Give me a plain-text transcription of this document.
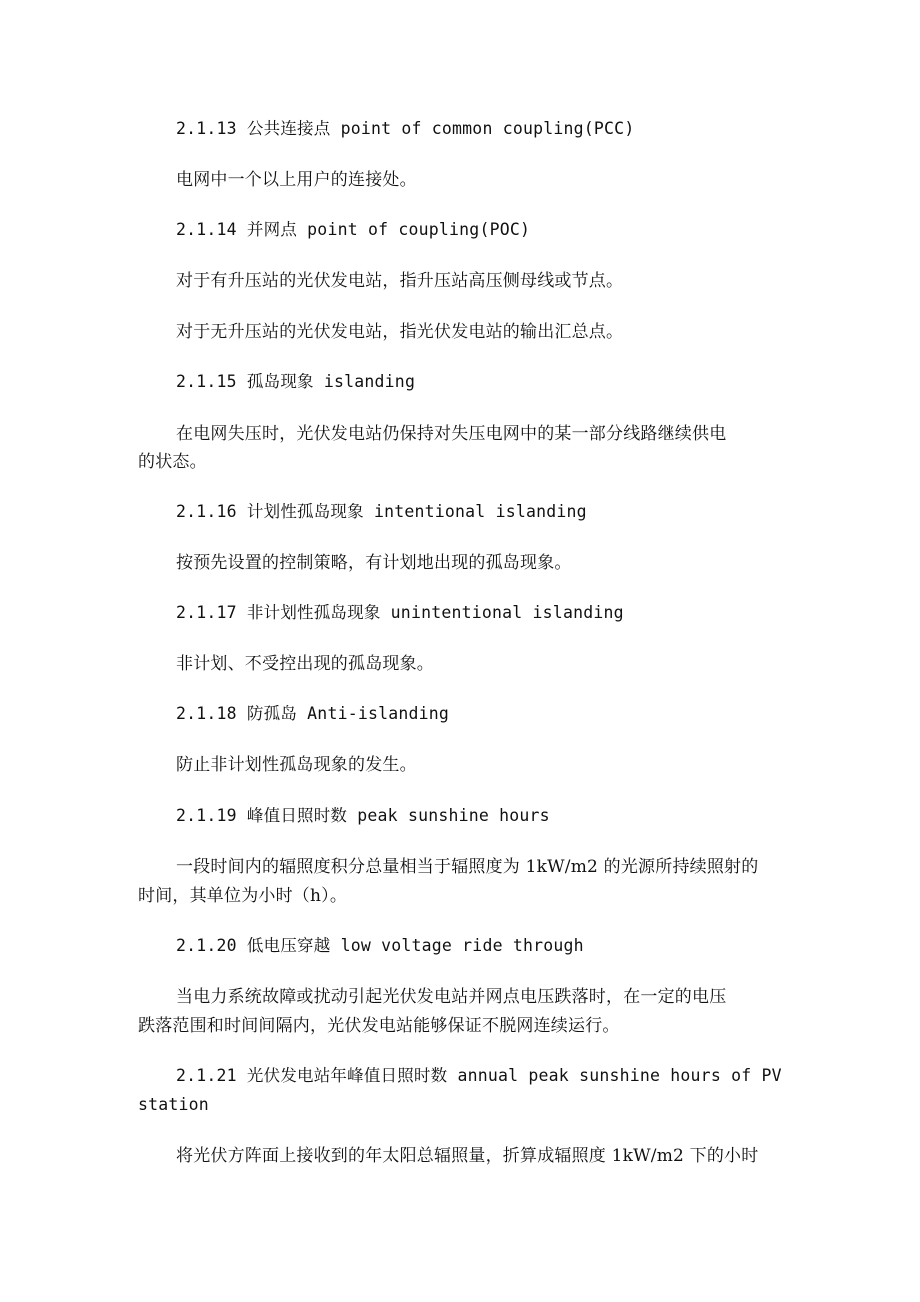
2.1.13 公共连接点 point of common coupling(PCC)
电网中一个以上用户的连接处。
2.1.14 并网点 point of coupling(POC)
对于有升压站的光伏发电站，指升压站高压侧母线或节点。
对于无升压站的光伏发电站，指光伏发电站的输出汇总点。
2.1.15 孤岛现象 islanding
在电网失压时，光伏发电站仍保持对失压电网中的某一部分线路继续供电
的状态。
2.1.16 计划性孤岛现象 intentional islanding
按预先设置的控制策略，有计划地出现的孤岛现象。
2.1.17 非计划性孤岛现象 unintentional islanding
非计划、不受控出现的孤岛现象。
2.1.18 防孤岛 Anti-islanding
防止非计划性孤岛现象的发生。
2.1.19 峰值日照时数 peak sunshine hours
一段时间内的辐照度积分总量相当于辐照度为 1kW/m2 的光源所持续照射的
时间，其单位为小时（h）。
2.1.20 低电压穿越 low voltage ride through
当电力系统故障或扰动引起光伏发电站并网点电压跌落时，在一定的电压
跌落范围和时间间隔内，光伏发电站能够保证不脱网连续运行。
2.1.21 光伏发电站年峰值日照时数 annual peak sunshine hours of PV
station
将光伏方阵面上接收到的年太阳总辐照量，折算成辐照度 1kW/m2 下的小时
